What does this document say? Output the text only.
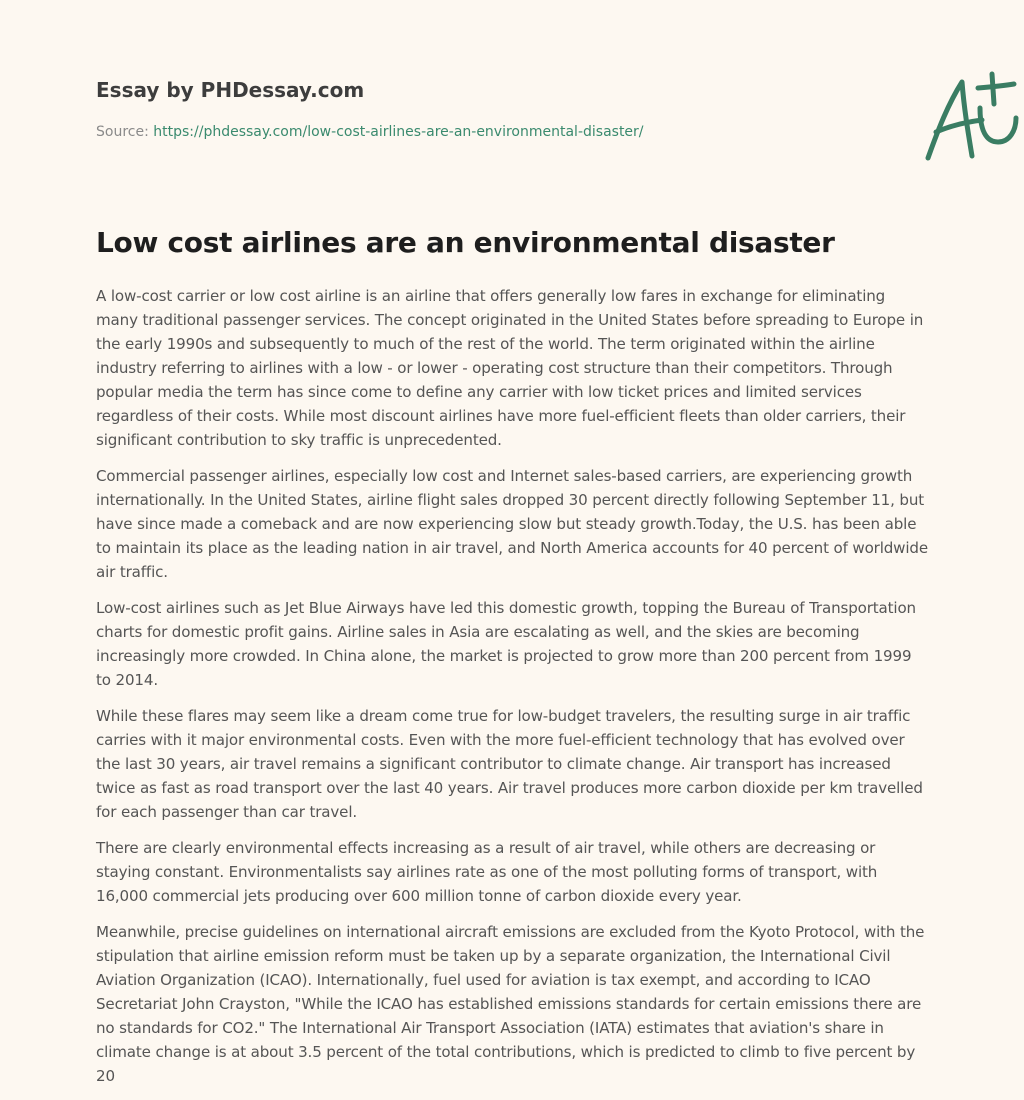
Essay by PHDessay.com
Source: https://phdessay.com/low-cost-airlines-are-an-environmental-disaster/
Low cost airlines are an environmental disaster

A low-cost carrier or low cost airline is an airline that offers generally low fares in exchange for eliminating many traditional passenger services. The concept originated in the United States before spreading to Europe in the early 1990s and subsequently to much of the rest of the world. The term originated within the airline industry referring to airlines with a low - or lower - operating cost structure than their competitors. Through popular media the term has since come to define any carrier with low ticket prices and limited services regardless of their costs. While most discount airlines have more fuel-efficient fleets than older carriers, their significant contribution to sky traffic is unprecedented.

Commercial passenger airlines, especially low cost and Internet sales-based carriers, are experiencing growth internationally. In the United States, airline flight sales dropped 30 percent directly following September 11, but have since made a comeback and are now experiencing slow but steady growth.Today, the U.S. has been able to maintain its place as the leading nation in air travel, and North America accounts for 40 percent of worldwide air traffic.

Low-cost airlines such as Jet Blue Airways have led this domestic growth, topping the Bureau of Transportation charts for domestic profit gains. Airline sales in Asia are escalating as well, and the skies are becoming increasingly more crowded. In China alone, the market is projected to grow more than 200 percent from 1999 to 2014.

While these flares may seem like a dream come true for low-budget travelers, the resulting surge in air traffic carries with it major environmental costs. Even with the more fuel-efficient technology that has evolved over the last 30 years, air travel remains a significant contributor to climate change. Air transport has increased twice as fast as road transport over the last 40 years. Air travel produces more carbon dioxide per km travelled for each passenger than car travel.

There are clearly environmental effects increasing as a result of air travel, while others are decreasing or staying constant. Environmentalists say airlines rate as one of the most polluting forms of transport, with 16,000 commercial jets producing over 600 million tonne of carbon dioxide every year.

Meanwhile, precise guidelines on international aircraft emissions are excluded from the Kyoto Protocol, with the stipulation that airline emission reform must be taken up by a separate organization, the International Civil Aviation Organization (ICAO). Internationally, fuel used for aviation is tax exempt, and according to ICAO Secretariat John Crayston, "While the ICAO has established emissions standards for certain emissions there are no standards for CO2." The International Air Transport Association (IATA) estimates that aviation's share in climate change is at about 3.5 percent of the total contributions, which is predicted to climb to five percent by 20
